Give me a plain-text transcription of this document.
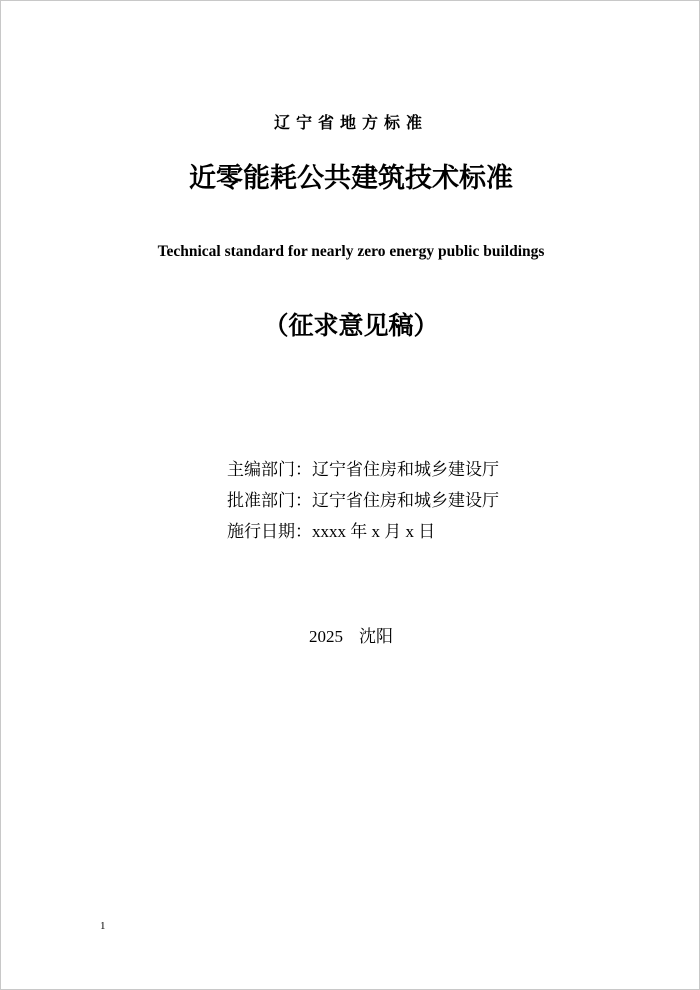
辽宁省地方标准
近零能耗公共建筑技术标准
Technical standard for nearly zero energy public buildings
（征求意见稿）
主编部门：辽宁省住房和城乡建设厅
批准部门：辽宁省住房和城乡建设厅
施行日期：xxxx 年 x 月 x 日
2025 沈阳
1
